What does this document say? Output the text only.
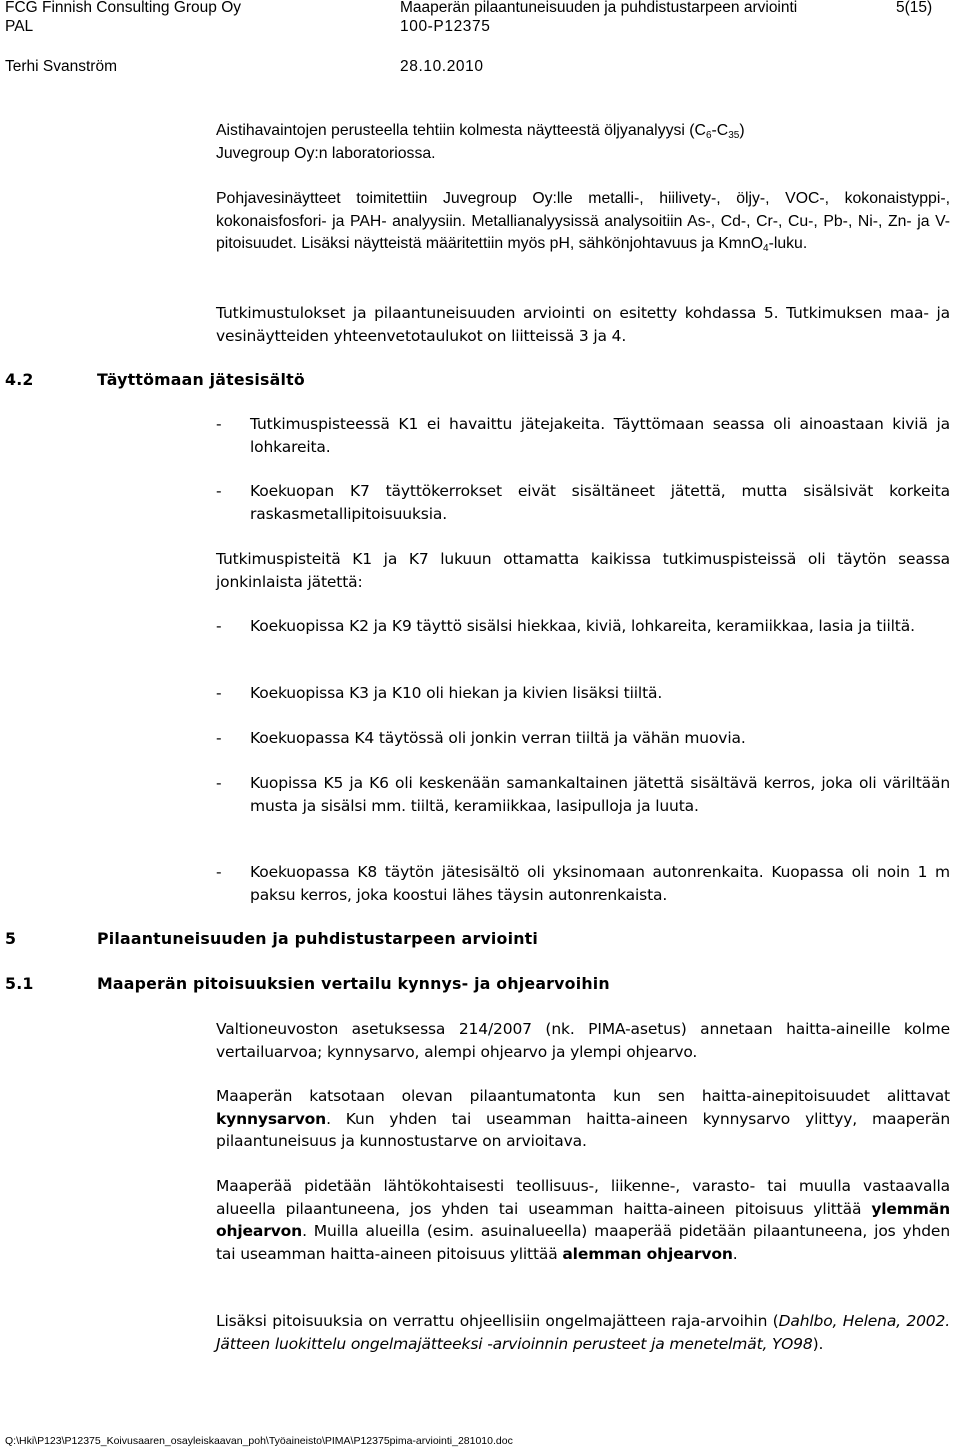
FCG Finnish Consulting Group Oy
PAL
Terhi Svanström
Maaperän pilaantuneisuuden ja puhdistustarpeen arviointi
100-P12375
28.10.2010
5(15)
Aistihavaintojen perusteella tehtiin kolmesta näytteestä öljyanalyysi $(C_6-C_{35})$
Juvegroup Oy:n laboratoriossa.
Pohjavesinäytteet toimitettiin Juvegroup Oy:lle metalli-, hiilivety-, öljy-, VOC-, kokonaistyppi-, kokonaisfosfori- ja PAH- analyysiin. Metallianalyysissä analysoitiin As-, Cd-, Cr-, Cu-, Pb-, Ni-, Zn- ja V-pitoisuudet. Lisäksi näytteistä määritettiin myös pH, sähkönjohtavuus ja KmnO$_4$-luku.
Tutkimustulokset ja pilaantuneisuuden arviointi on esitetty kohdassa 5. Tutkimuksen maa- ja vesinäytteiden yhteenvetotaulukot on liitteissä 3 ja 4.
4.2	Täyttömaan jätesisältö
- Tutkimuspisteessä K1 ei havaittu jätejakeita. Täyttömaan seassa oli ainoastaan kiviä ja lohkareita.
- Koekuopan K7 täyttökerrokset eivät sisältäneet jätettä, mutta sisälsivät korkeita raskasmetallipitoisuuksia.
Tutkimuspisteitä K1 ja K7 lukuun ottamatta kaikissa tutkimuspisteissä oli täytön seassa jonkinlaista jätettä:
- Koekuopissa K2 ja K9 täyttö sisälsi hiekkaa, kiviä, lohkareita, keramiikkaa, lasia ja tiiltä.
- Koekuopissa K3 ja K10 oli hiekan ja kivien lisäksi tiiltä.
- Koekuopassa K4 täytössä oli jonkin verran tiiltä ja vähän muovia.
- Kuopissa K5 ja K6 oli keskenään samankaltainen jätettä sisältävä kerros, joka oli väriltään musta ja sisälsi mm. tiiltä, keramiikkaa, lasipulloja ja luuta.
- Koekuopassa K8 täytön jätesisältö oli yksinomaan autonrenkaita. Kuopassa oli noin 1 m paksu kerros, joka koostui lähes täysin autonrenkaista.
5	Pilaantuneisuuden ja puhdistustarpeen arviointi
5.1	Maaperän pitoisuuksien vertailu kynnys- ja ohjearvoihin
Valtioneuvoston asetuksessa 214/2007 (nk. PIMA-asetus) annetaan haitta-aineille kolme vertailuarvoa; kynnysarvo, alempi ohjearvo ja ylempi ohjearvo.
Maaperän katsotaan olevan pilaantumatonta kun sen haitta-ainepitoisuudet alittavat kynnysarvon. Kun yhden tai useamman haitta-aineen kynnysarvo ylittyy, maaperän pilaantuneisuus ja kunnostustarve on arvioitava.
Maaperää pidetään lähtökohtaisesti teollisuus-, liikenne-, varasto- tai muulla vastaavalla alueella pilaantuneena, jos yhden tai useamman haitta-aineen pitoisuus ylittää ylemmän ohjearvon. Muilla alueilla (esim. asuinalueella) maaperää pidetään pilaantuneena, jos yhden tai useamman haitta-aineen pitoisuus ylittää alemman ohjearvon.
Lisäksi pitoisuuksia on verrattu ohjeellisiin ongelmajätteen raja-arvoihin (Dahlbo, Helena, 2002. Jätteen luokittelu ongelmajätteeksi -arvioinnin perusteet ja menetelmät, YO98).
Q:\Hki\P123\P12375_Koivusaaren_osayleiskaavan_poh\Työaineisto\PIMA\P12375pima-arviointi_281010.doc
